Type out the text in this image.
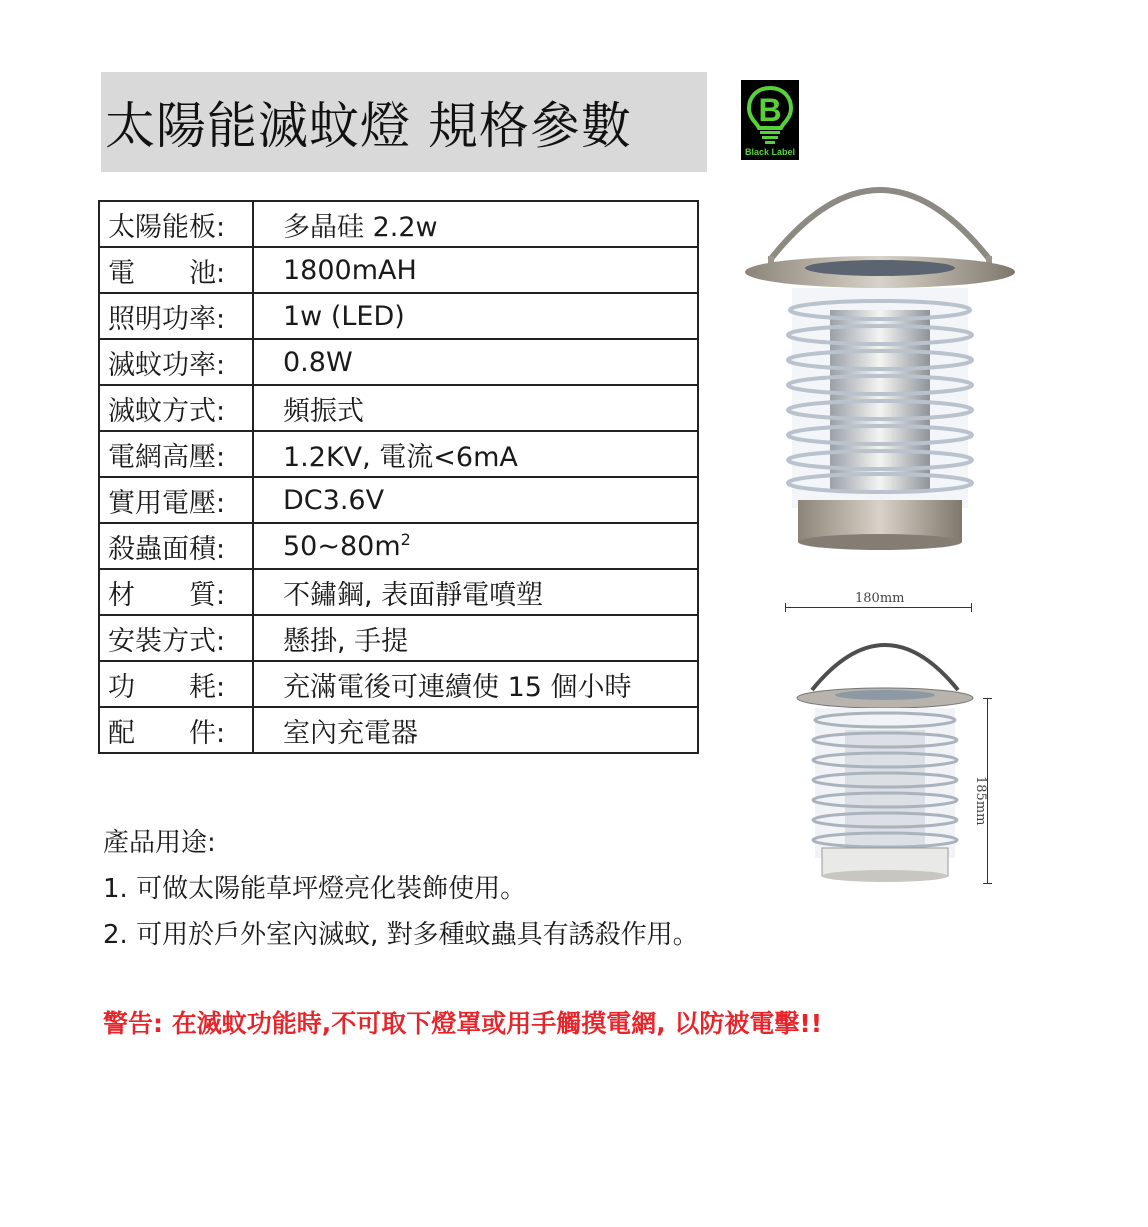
太陽能滅蚊燈 規格參數	B
Black Label
太陽能板:	多晶硅 2.2w
電　　池:	1800mAH
照明功率:	1w (LED)
滅蚊功率:	0.8W
滅蚊方式:	頻振式
電網高壓:	1.2KV, 電流<6mA
實用電壓:	DC3.6V
殺蟲面積:	$50\sim 80m^2$
材　　質:	不鏽鋼, 表面靜電噴塑
安裝方式:	懸掛, 手提
功　　耗:	充滿電後可連續使 15 個小時
配　　件:	室內充電器
產品用途:
1. 可做太陽能草坪燈亮化裝飾使用。
2. 可用於戶外室內滅蚊, 對多種蚊蟲具有誘殺作用。
警告: 在滅蚊功能時,不可取下燈罩或用手觸摸電網, 以防被電擊!!
180mm
185mm
